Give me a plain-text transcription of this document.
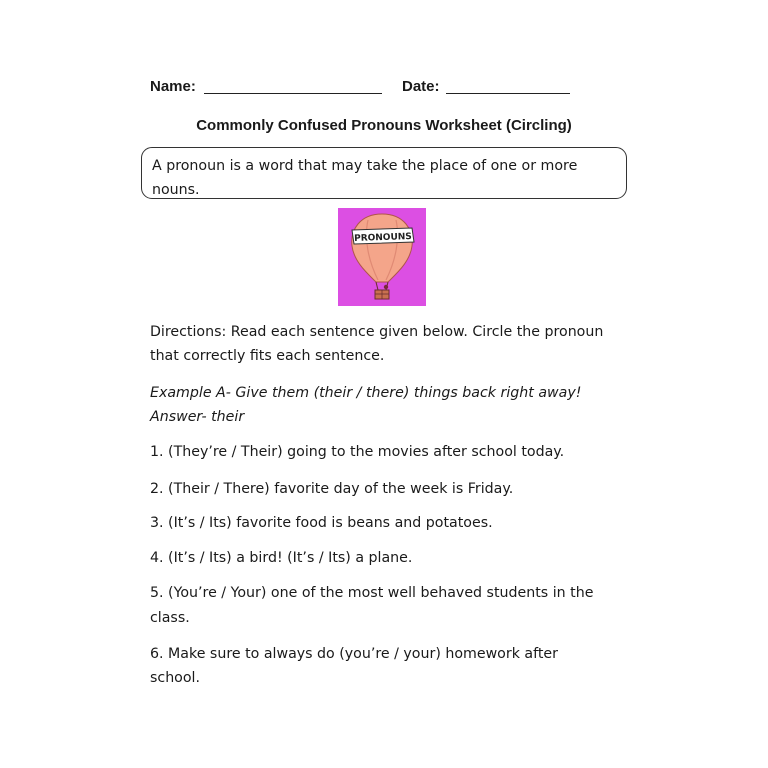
Name:	Date:
Commonly Confused Pronouns Worksheet (Circling)
A pronoun is a word that may take the place of one or more nouns.
PRONOUNS
Directions: Read each sentence given below. Circle the pronoun
that correctly fits each sentence.
Example A- Give them (their / there) things back right away!
Answer- their
1. (They’re / Their) going to the movies after school today.
2. (Their / There) favorite day of the week is Friday.
3. (It’s / Its) favorite food is beans and potatoes.
4. (It’s / Its) a bird! (It’s / Its) a plane.
5. (You’re / Your) one of the most well behaved students in the
class.
6. Make sure to always do (you’re / your) homework after
school.
